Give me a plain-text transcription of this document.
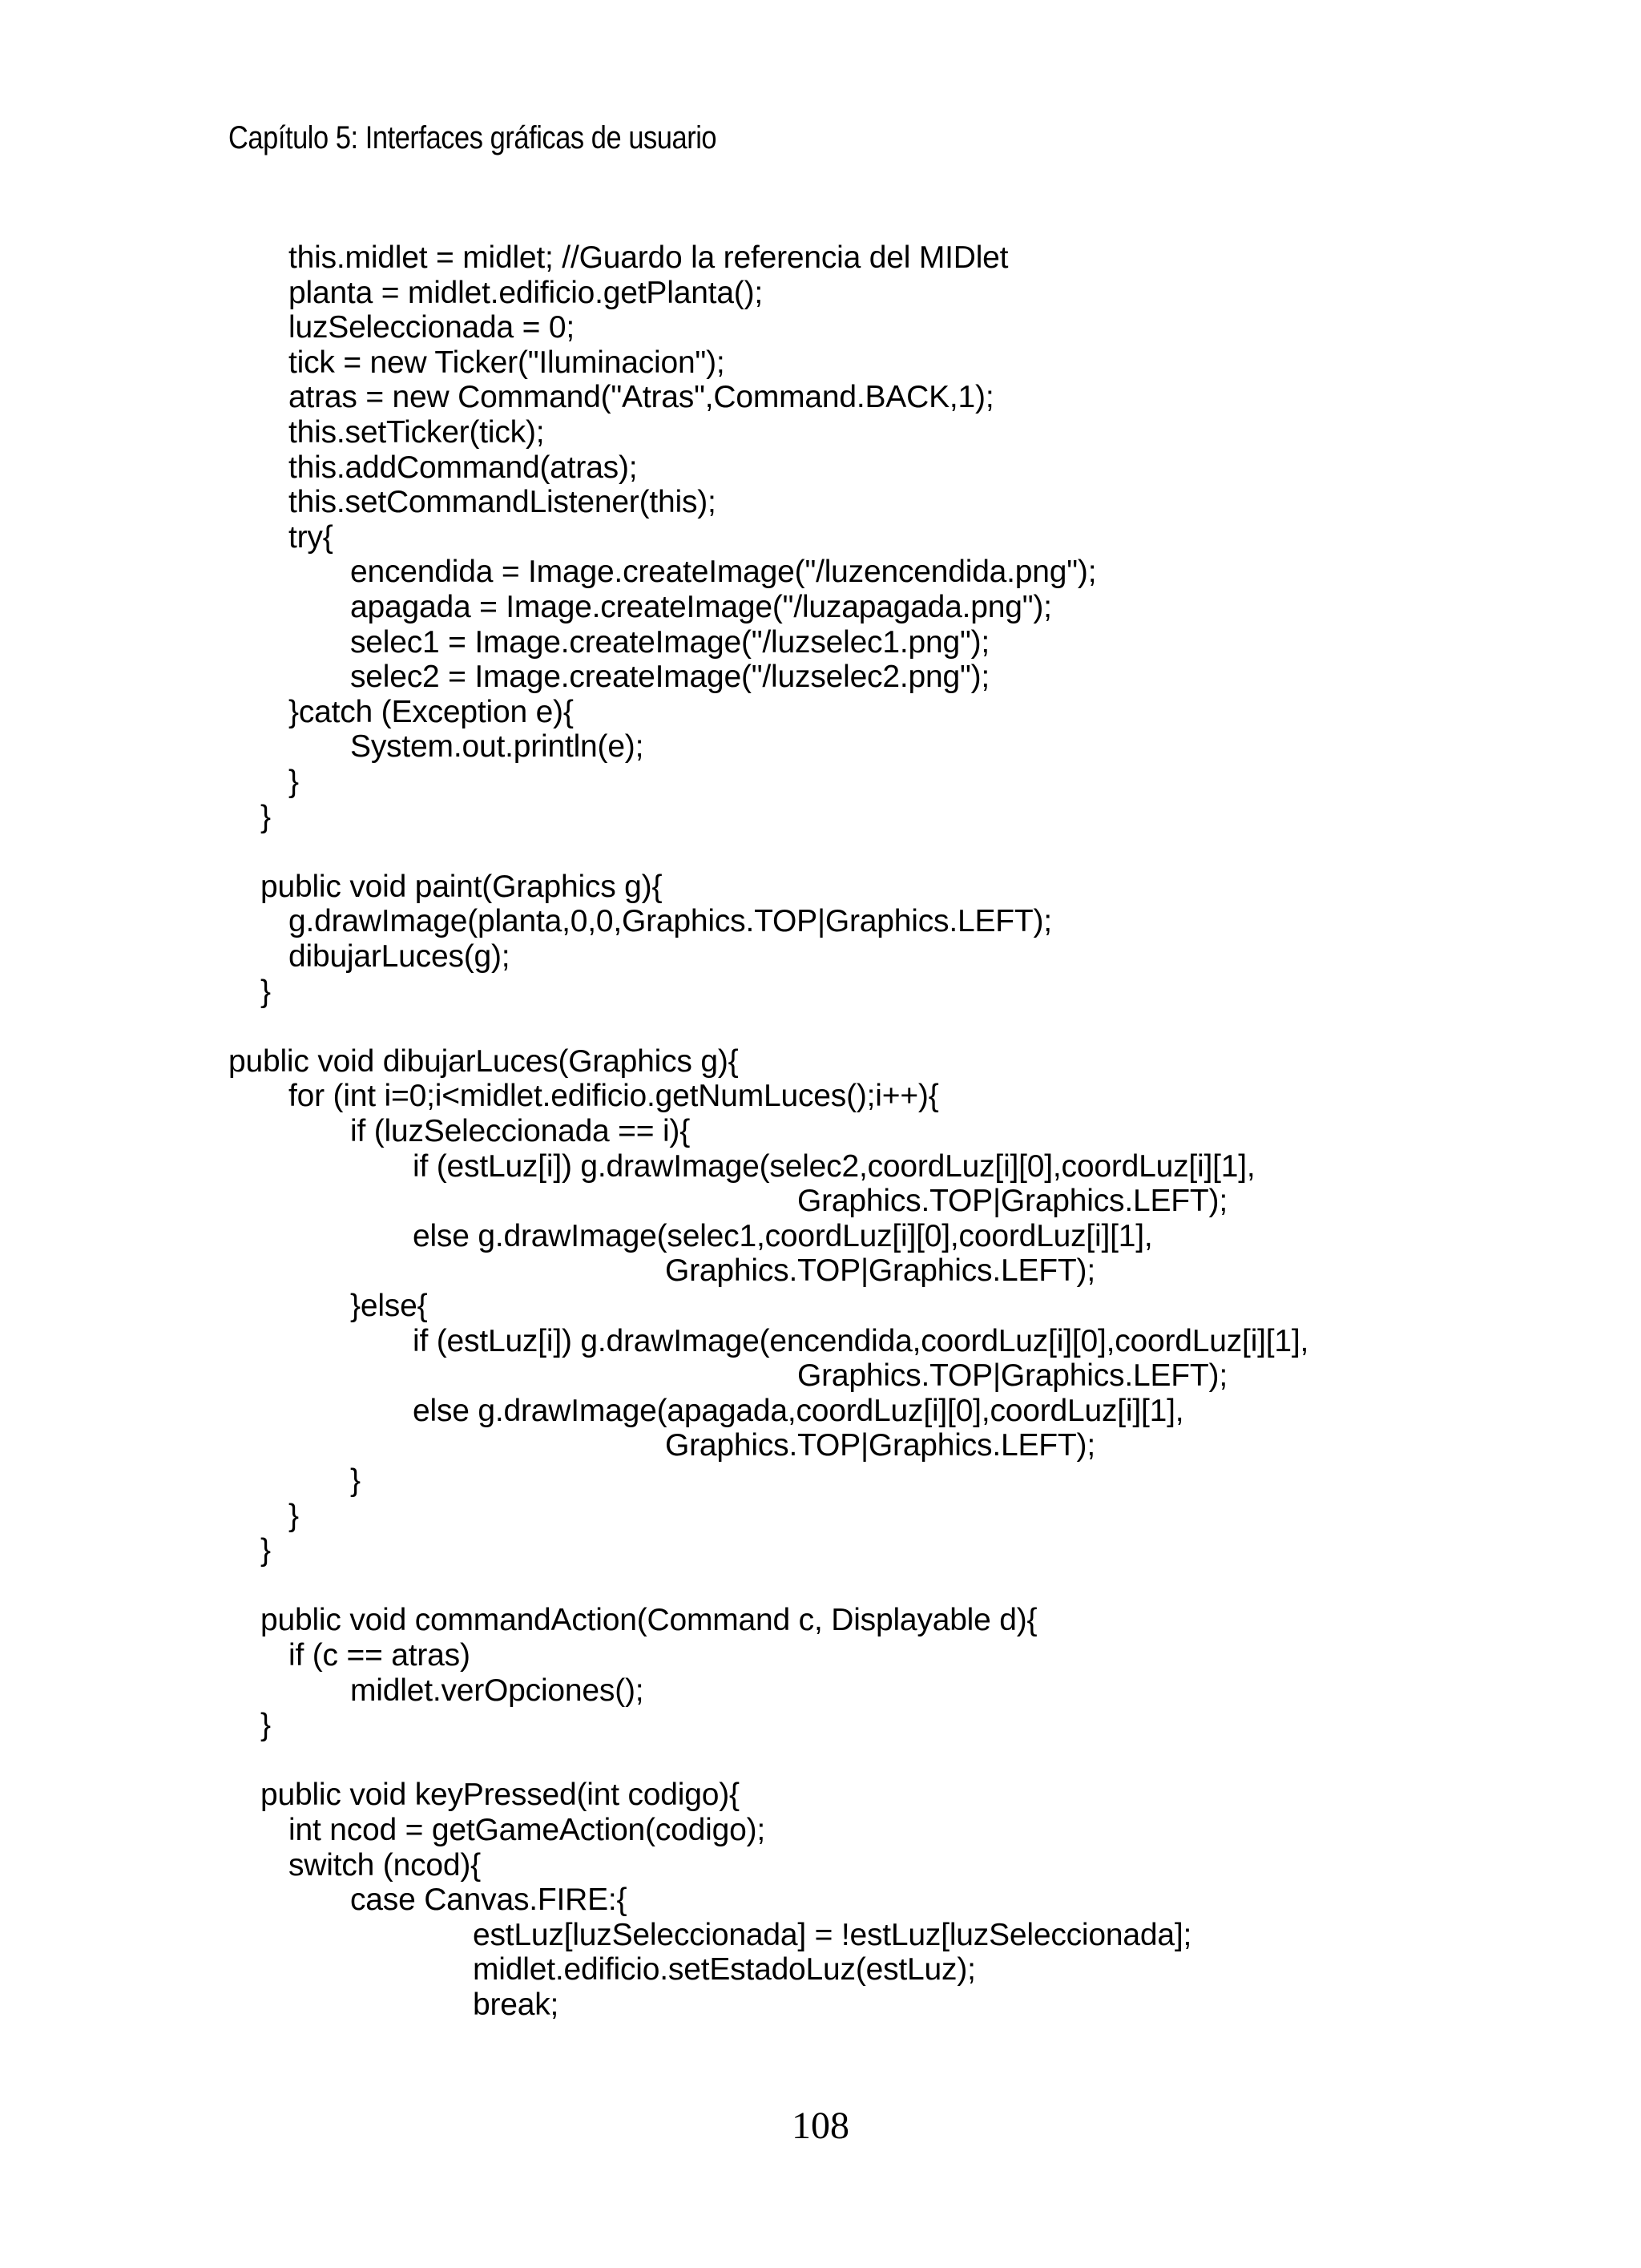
Capítulo 5: Interfaces gráficas de usuario
this.midlet = midlet; //Guardo la referencia del MIDlet
planta = midlet.edificio.getPlanta();
luzSeleccionada = 0;
tick = new Ticker("Iluminacion");
atras = new Command("Atras",Command.BACK,1);
this.setTicker(tick);
this.addCommand(atras);
this.setCommandListener(this);
try{
encendida = Image.createImage("/luzencendida.png");
apagada = Image.createImage("/luzapagada.png");
selec1 = Image.createImage("/luzselec1.png");
selec2 = Image.createImage("/luzselec2.png");
}catch (Exception e){
System.out.println(e);
}
}
public void paint(Graphics g){
g.drawImage(planta,0,0,Graphics.TOP|Graphics.LEFT);
dibujarLuces(g);
}
public void dibujarLuces(Graphics g){
for (int i=0;i<midlet.edificio.getNumLuces();i++){
if (luzSeleccionada == i){
if (estLuz[i]) g.drawImage(selec2,coordLuz[i][0],coordLuz[i][1],
Graphics.TOP|Graphics.LEFT);
else g.drawImage(selec1,coordLuz[i][0],coordLuz[i][1],
Graphics.TOP|Graphics.LEFT);
}else{
if (estLuz[i]) g.drawImage(encendida,coordLuz[i][0],coordLuz[i][1],
Graphics.TOP|Graphics.LEFT);
else g.drawImage(apagada,coordLuz[i][0],coordLuz[i][1],
Graphics.TOP|Graphics.LEFT);
}
}
}
public void commandAction(Command c, Displayable d){
if (c == atras)
midlet.verOpciones();
}
public void keyPressed(int codigo){
int ncod = getGameAction(codigo);
switch (ncod){
case Canvas.FIRE:{
estLuz[luzSeleccionada] = !estLuz[luzSeleccionada];
midlet.edificio.setEstadoLuz(estLuz);
break;
108
